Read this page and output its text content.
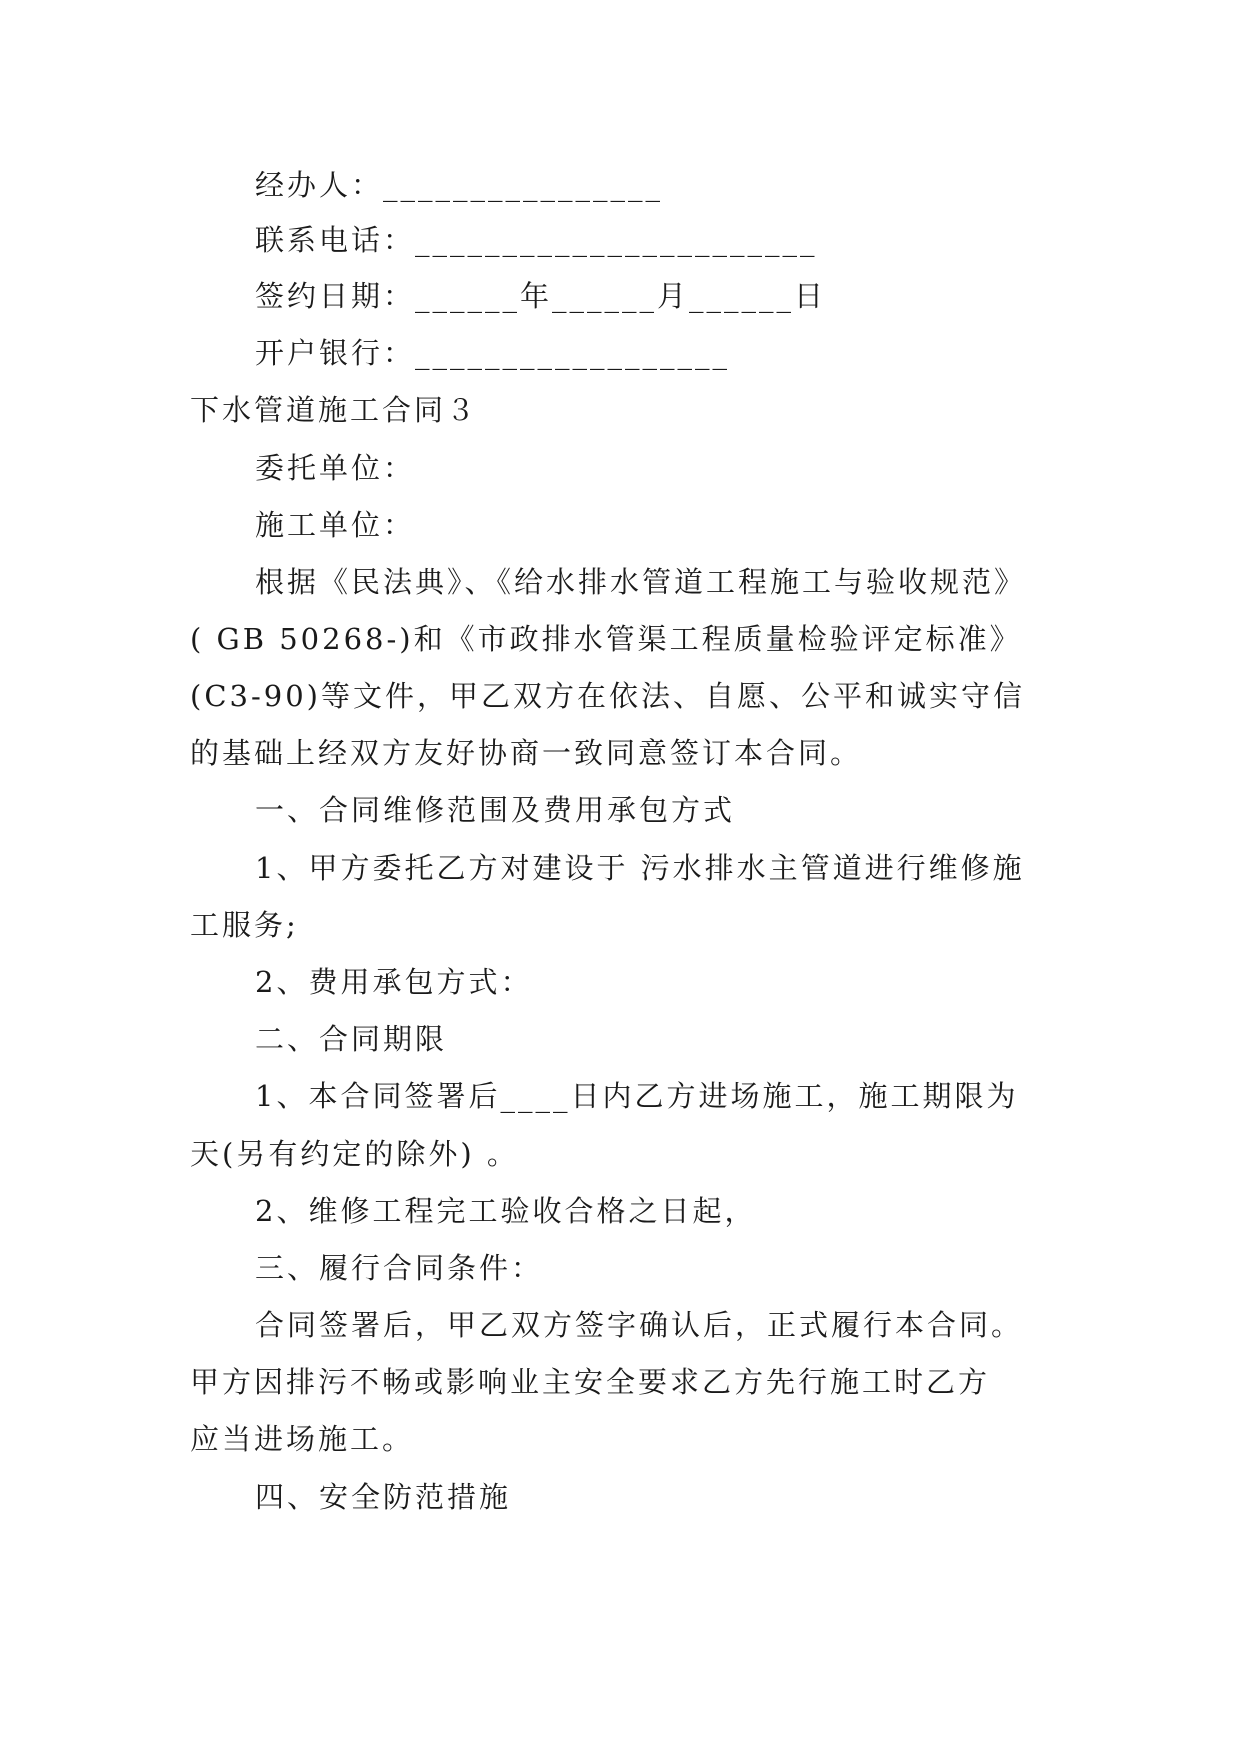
经办人：________________
联系电话：_______________________
签约日期：______年______月______日
开户银行：__________________
下水管道施工合同３
委托单位：
施工单位：
根据《民法典》、《给水排水管道工程施工与验收规范》
( GB 50268-)和《市政排水管渠工程质量检验评定标准》
(C3-90)等文件，甲乙双方在依法、自愿、公平和诚实守信
的基础上经双方友好协商一致同意签订本合同。
一、合同维修范围及费用承包方式
1、甲方委托乙方对建设于 污水排水主管道进行维修施
工服务;
2、费用承包方式：
二、合同期限
1、本合同签署后____日内乙方进场施工，施工期限为
天(另有约定的除外) 。
2、维修工程完工验收合格之日起，
三、履行合同条件：
合同签署后，甲乙双方签字确认后，正式履行本合同。
甲方因排污不畅或影响业主安全要求乙方先行施工时乙方
应当进场施工。
四、安全防范措施
